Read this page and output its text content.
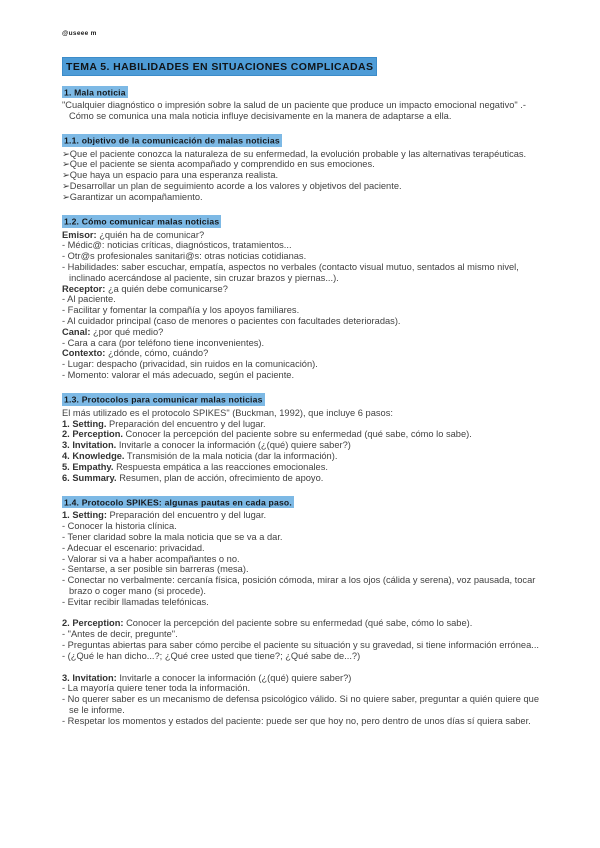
@useee m
TEMA 5. HABILIDADES EN SITUACIONES COMPLICADAS
1. Mala noticia
"Cualquier diagnóstico o impresión sobre la salud de un paciente que produce un impacto emocional negativo" .- Cómo se comunica una mala noticia influye decisivamente en la manera de adaptarse a ella.
1.1. objetivo de la comunicación de malas noticias
➢Que el paciente conozca la naturaleza de su enfermedad, la evolución probable y las alternativas terapéuticas.
➢Que el paciente se sienta acompañado y comprendido en sus emociones.
➢Que haya un espacio para una esperanza realista.
➢Desarrollar un plan de seguimiento acorde a los valores y objetivos del paciente.
➢Garantizar un acompañamiento.
1.2. Cómo comunicar malas noticias
Emisor: ¿quién ha de comunicar?
- Médic@: noticias críticas, diagnósticos, tratamientos...
- Otr@s profesionales sanitari@s: otras noticias cotidianas.
- Habilidades: saber escuchar, empatía, aspectos no verbales (contacto visual mutuo, sentados al mismo nivel, inclinado acercándose al paciente, sin cruzar brazos y piernas...).
Receptor: ¿a quién debe comunicarse?
- Al paciente.
- Facilitar y fomentar la compañía y los apoyos familiares.
- Al cuidador principal (caso de menores o pacientes con facultades deterioradas).
Canal: ¿por qué medio?
- Cara a cara (por teléfono tiene inconvenientes).
Contexto: ¿dónde, cómo, cuándo?
- Lugar: despacho (privacidad, sin ruidos en la comunicación).
- Momento: valorar el más adecuado, según el paciente.
1.3. Protocolos para comunicar malas noticias
El más utilizado es el protocolo SPIKES" (Buckman, 1992), que incluye 6 pasos:
1. Setting. Preparación del encuentro y del lugar.
2. Perception. Conocer la percepción del paciente sobre su enfermedad (qué sabe, cómo lo sabe).
3. Invitation. Invitarle a conocer la información (¿(qué) quiere saber?)
4. Knowledge. Transmisión de la mala noticia (dar la información).
5. Empathy. Respuesta empática a las reacciones emocionales.
6. Summary. Resumen, plan de acción, ofrecimiento de apoyo.
1.4. Protocolo SPIKES: algunas pautas en cada paso.
1. Setting: Preparación del encuentro y del lugar.
- Conocer la historia clínica.
- Tener claridad sobre la mala noticia que se va a dar.
- Adecuar el escenario: privacidad.
- Valorar si va a haber acompañantes o no.
- Sentarse, a ser posible sin barreras (mesa).
- Conectar no verbalmente: cercanía física, posición cómoda, mirar a los ojos (cálida y serena), voz pausada, tocar brazo o coger mano (si procede).
- Evitar recibir llamadas telefónicas.
2. Perception: Conocer la percepción del paciente sobre su enfermedad (qué sabe, cómo lo sabe).
- "Antes de decir, pregunte".
- Preguntas abiertas para saber cómo percibe el paciente su situación y su gravedad, si tiene información errónea...
- (¿Qué le han dicho...?; ¿Qué cree usted que tiene?; ¿Qué sabe de...?)
3. Invitation: Invitarle a conocer la información (¿(qué) quiere saber?)
- La mayoría quiere tener toda la información.
- No querer saber es un mecanismo de defensa psicológico válido. Si no quiere saber, preguntar a quién quiere que se le informe.
- Respetar los momentos y estados del paciente: puede ser que hoy no, pero dentro de unos días sí quiera saber.
